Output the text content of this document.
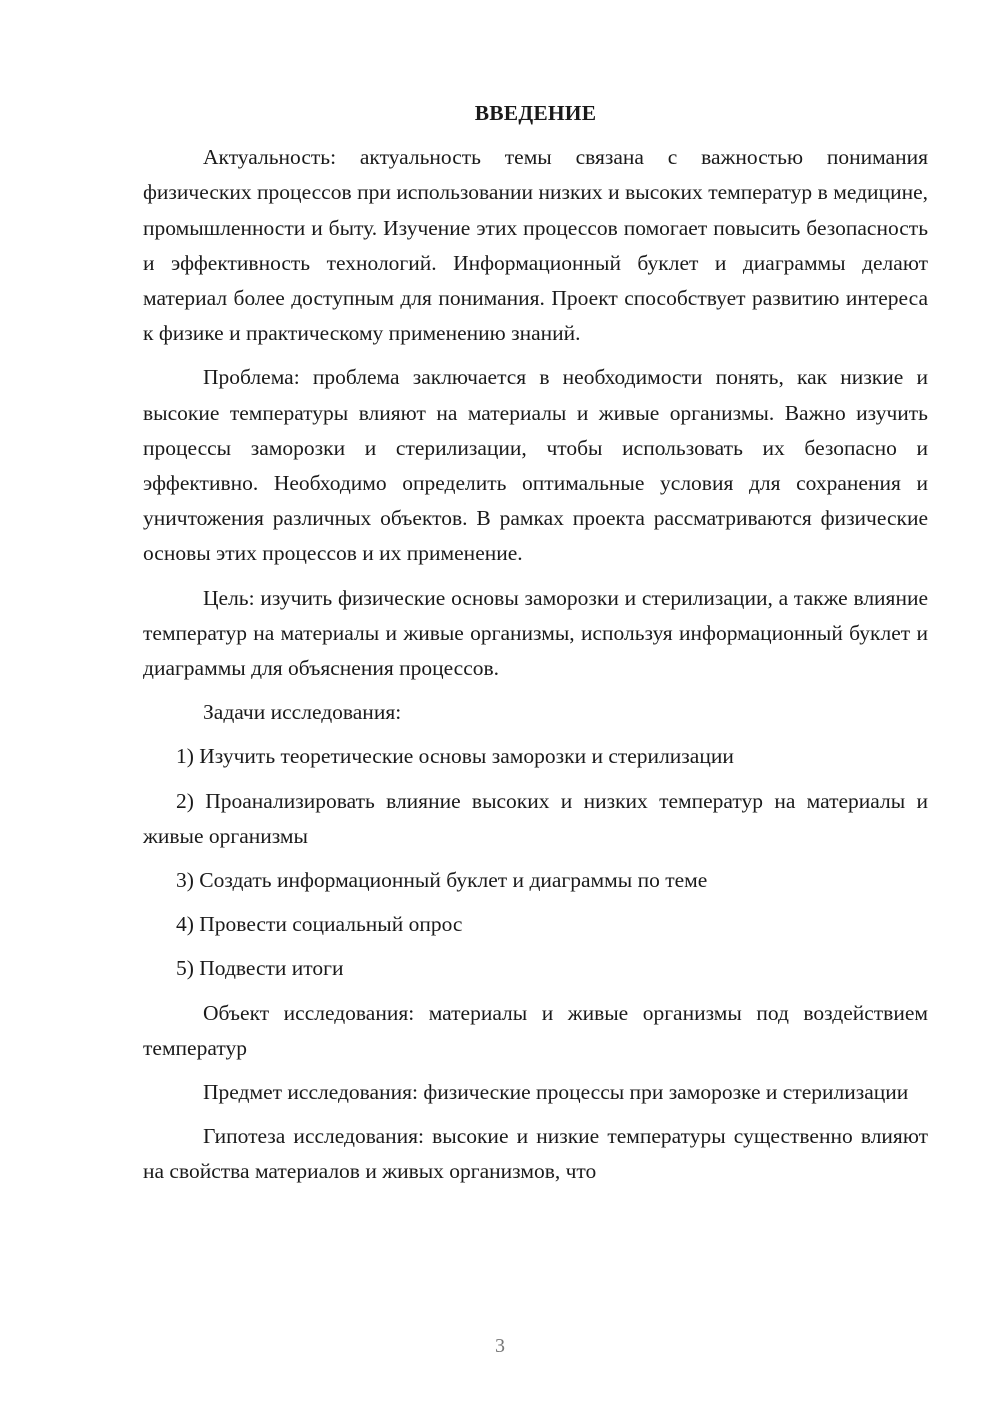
ВВЕДЕНИЕ
Актуальность: актуальность темы связана с важностью понимания физических процессов при использовании низких и высоких температур в медицине, промышленности и быту. Изучение этих процессов помогает повысить безопасность и эффективность технологий. Информационный буклет и диаграммы делают материал более доступным для понимания. Проект способствует развитию интереса к физике и практическому применению знаний.
Проблема: проблема заключается в необходимости понять, как низкие и высокие температуры влияют на материалы и живые организмы. Важно изучить процессы заморозки и стерилизации, чтобы использовать их безопасно и эффективно. Необходимо определить оптимальные условия для сохранения и уничтожения различных объектов. В рамках проекта рассматриваются физические основы этих процессов и их применение.
Цель: изучить физические основы заморозки и стерилизации, а также влияние температур на материалы и живые организмы, используя информационный буклет и диаграммы для объяснения процессов.
Задачи исследования:
1) Изучить теоретические основы заморозки и стерилизации
2) Проанализировать влияние высоких и низких температур на материалы и живые организмы
3) Создать информационный буклет и диаграммы по теме
4) Провести социальный опрос
5) Подвести итоги
Объект исследования: материалы и живые организмы под воздействием температур
Предмет исследования: физические процессы при заморозке и стерилизации
Гипотеза исследования: высокие и низкие температуры существенно влияют на свойства материалов и живых организмов, что
3
